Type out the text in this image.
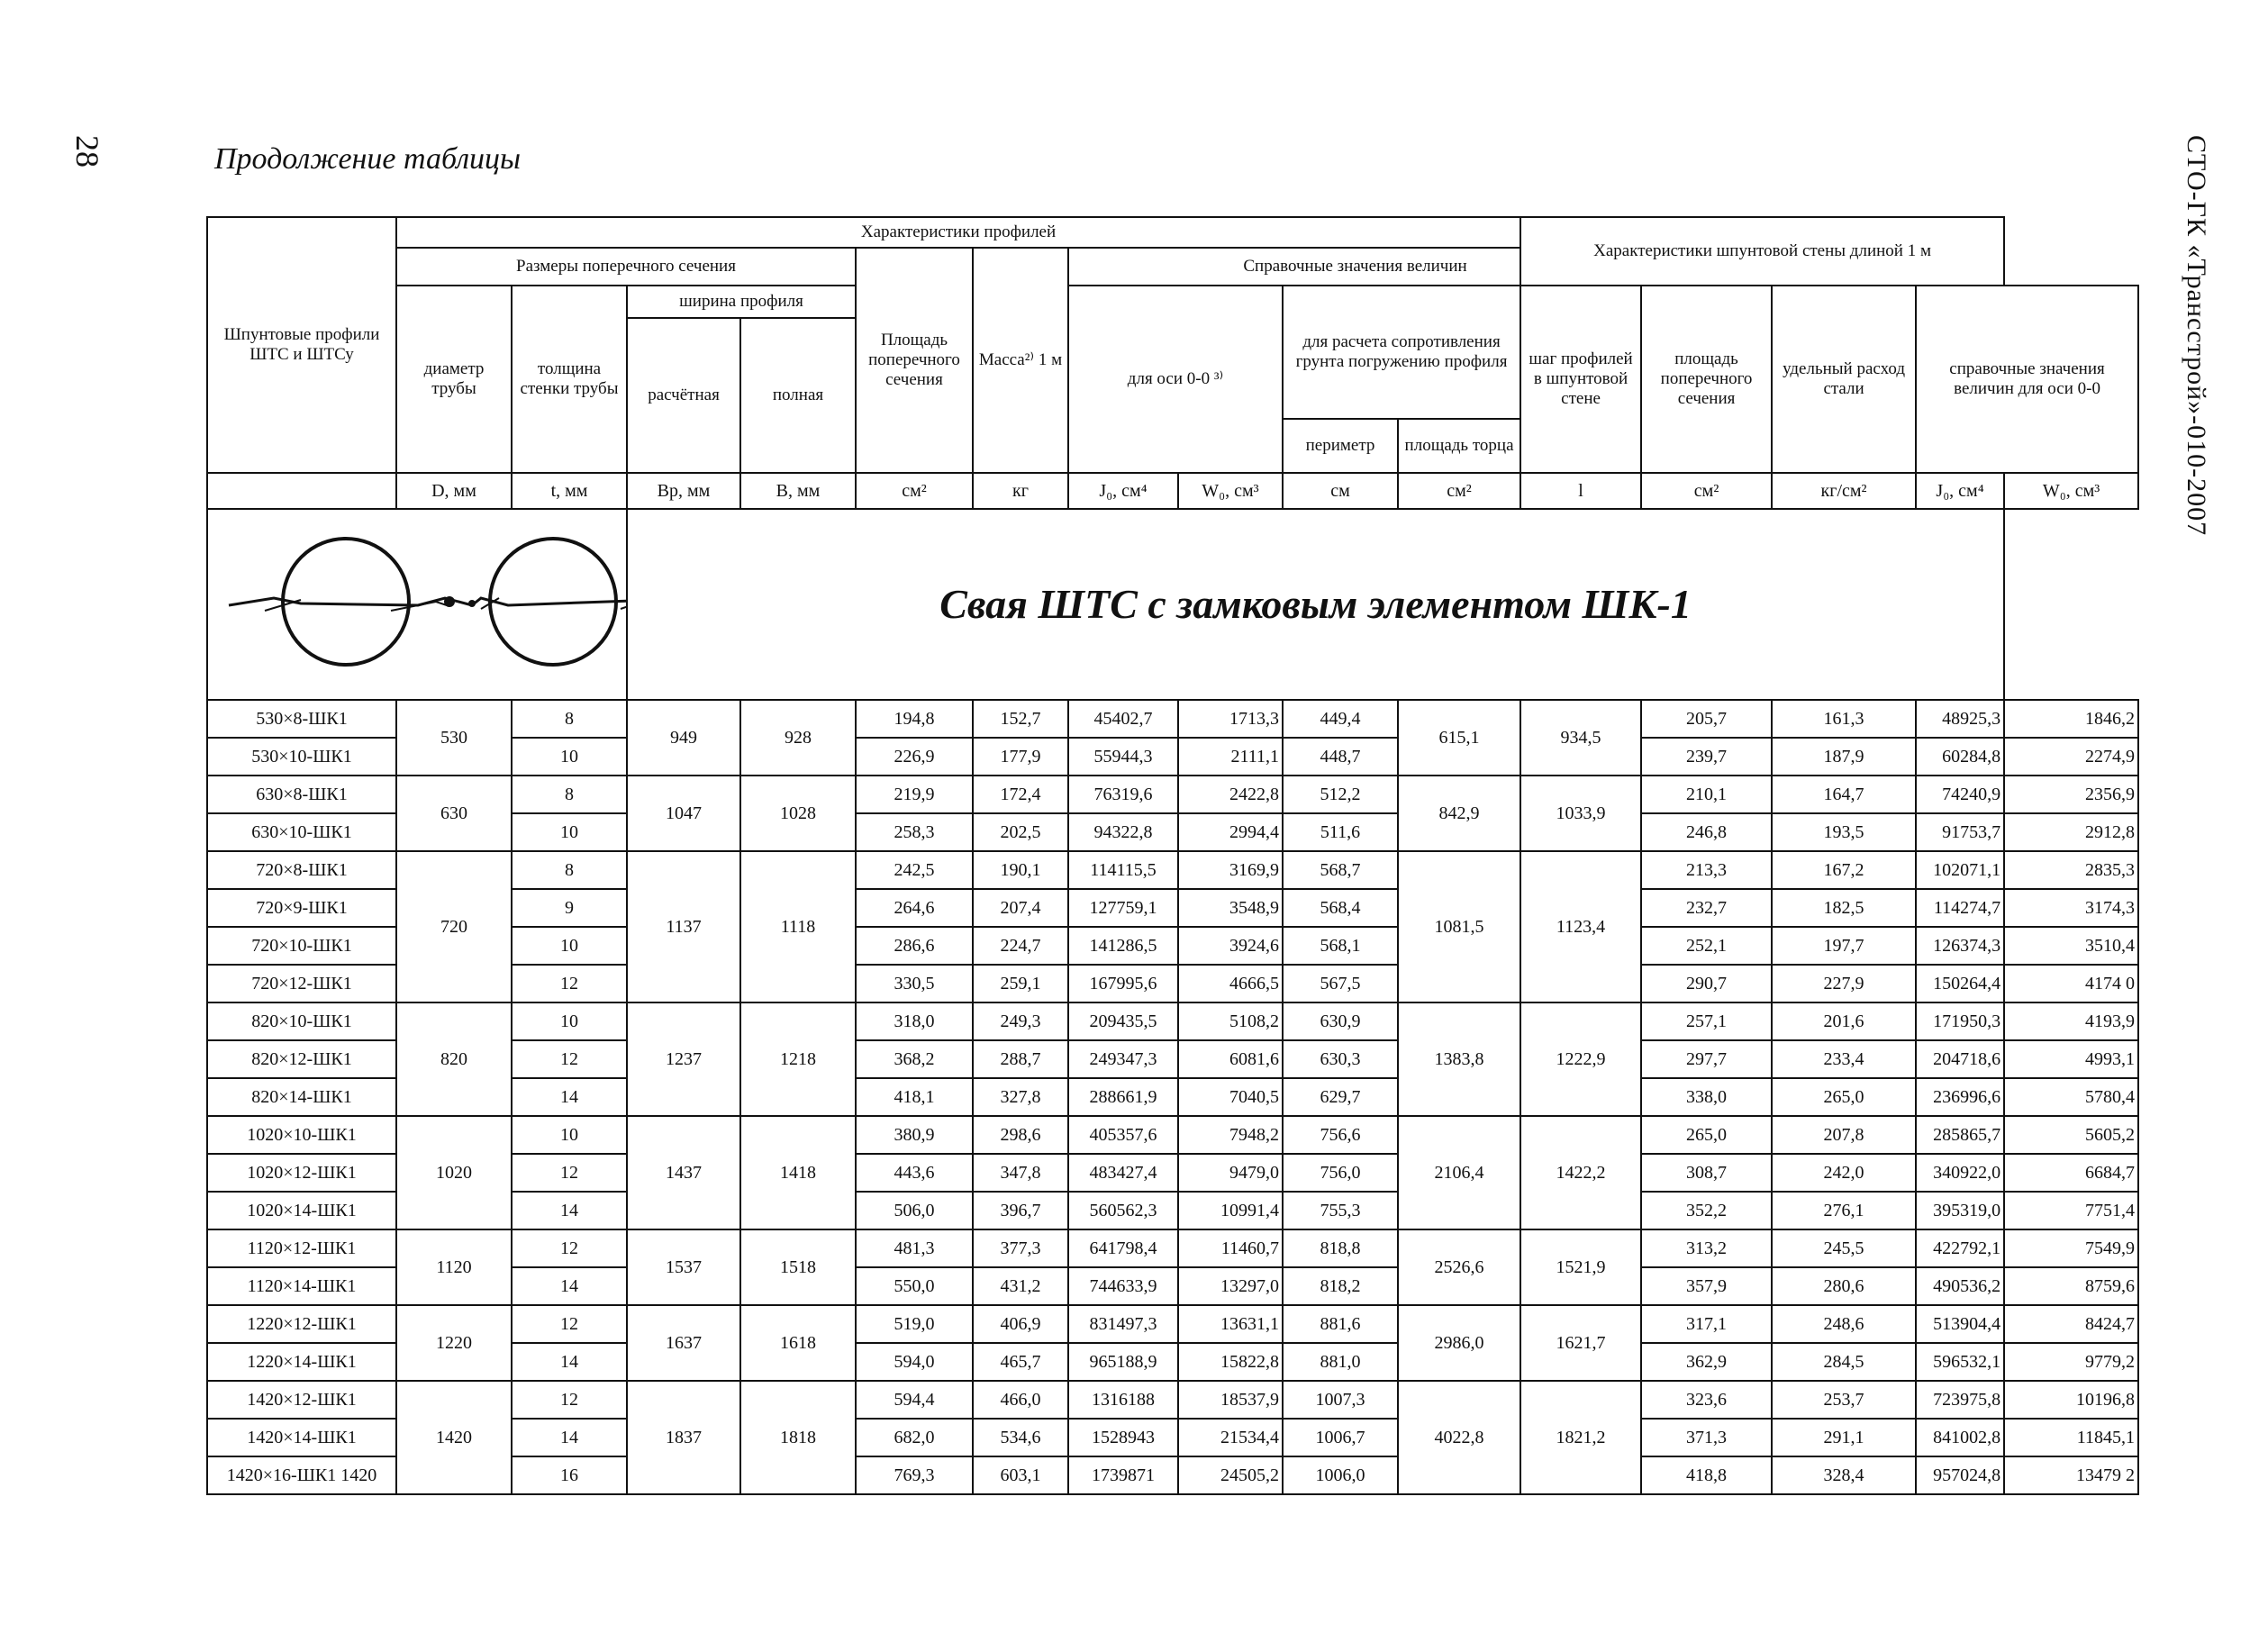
28	Продолжение таблицы	СТО-ГК «Трансстрой»-010-2007
Шпунтовые профили ШТС и ШТСу	Характеристики профилей										Характеристики шпунтовой стены длиной 1 м				
	Размеры поперечного сечения				Площадь поперечного сечения	Масса²⁾ 1 м	Справочные значения величин								
	диаметр трубы	толщина стенки трубы	ширина профиля				для оси 0-0 ³⁾		для расчета сопротивления грунта погружению профиля		шаг профилей в шпунтовой стене	площадь поперечного сечения	удельный расход стали	справочные значения величин для оси 0-0	
			расчётная	полная											
									периметр	площадь торца					
	D, мм	t, мм	Bр, мм	B, мм	см²	кг	J₀, см⁴	W₀, см³	см	см²	l	см²	кг/см²	J₀, см⁴	W₀, см³
	Свая ШТС с замковым элементом ШК-1												
530×8-ШК1	530	8	949	928	194,8	152,7	45402,7	1713,3	449,4	615,1	934,5	205,7	161,3	48925,3	1846,2
530×10-ШК1		10			226,9	177,9	55944,3	2111,1	448,7			239,7	187,9	60284,8	2274,9
630×8-ШК1	630	8	1047	1028	219,9	172,4	76319,6	2422,8	512,2	842,9	1033,9	210,1	164,7	74240,9	2356,9
630×10-ШК1		10			258,3	202,5	94322,8	2994,4	511,6			246,8	193,5	91753,7	2912,8
720×8-ШК1	720	8	1137	1118	242,5	190,1	114115,5	3169,9	568,7	1081,5	1123,4	213,3	167,2	102071,1	2835,3
720×9-ШК1		9			264,6	207,4	127759,1	3548,9	568,4			232,7	182,5	114274,7	3174,3
720×10-ШК1		10			286,6	224,7	141286,5	3924,6	568,1			252,1	197,7	126374,3	3510,4
720×12-ШК1		12			330,5	259,1	167995,6	4666,5	567,5			290,7	227,9	150264,4	4174 0
820×10-ШК1	820	10	1237	1218	318,0	249,3	209435,5	5108,2	630,9	1383,8	1222,9	257,1	201,6	171950,3	4193,9
820×12-ШК1		12			368,2	288,7	249347,3	6081,6	630,3			297,7	233,4	204718,6	4993,1
820×14-ШК1		14			418,1	327,8	288661,9	7040,5	629,7			338,0	265,0	236996,6	5780,4
1020×10-ШК1	1020	10	1437	1418	380,9	298,6	405357,6	7948,2	756,6	2106,4	1422,2	265,0	207,8	285865,7	5605,2
1020×12-ШК1		12			443,6	347,8	483427,4	9479,0	756,0			308,7	242,0	340922,0	6684,7
1020×14-ШК1		14			506,0	396,7	560562,3	10991,4	755,3			352,2	276,1	395319,0	7751,4
1120×12-ШК1	1120	12	1537	1518	481,3	377,3	641798,4	11460,7	818,8	2526,6	1521,9	313,2	245,5	422792,1	7549,9
1120×14-ШК1		14			550,0	431,2	744633,9	13297,0	818,2			357,9	280,6	490536,2	8759,6
1220×12-ШК1	1220	12	1637	1618	519,0	406,9	831497,3	13631,1	881,6	2986,0	1621,7	317,1	248,6	513904,4	8424,7
1220×14-ШК1		14			594,0	465,7	965188,9	15822,8	881,0			362,9	284,5	596532,1	9779,2
1420×12-ШК1	1420	12	1837	1818	594,4	466,0	1316188	18537,9	1007,3	4022,8	1821,2	323,6	253,7	723975,8	10196,8
1420×14-ШК1		14			682,0	534,6	1528943	21534,4	1006,7			371,3	291,1	841002,8	11845,1
1420×16-ШК1 1420		16			769,3	603,1	1739871	24505,2	1006,0			418,8	328,4	957024,8	13479 2
